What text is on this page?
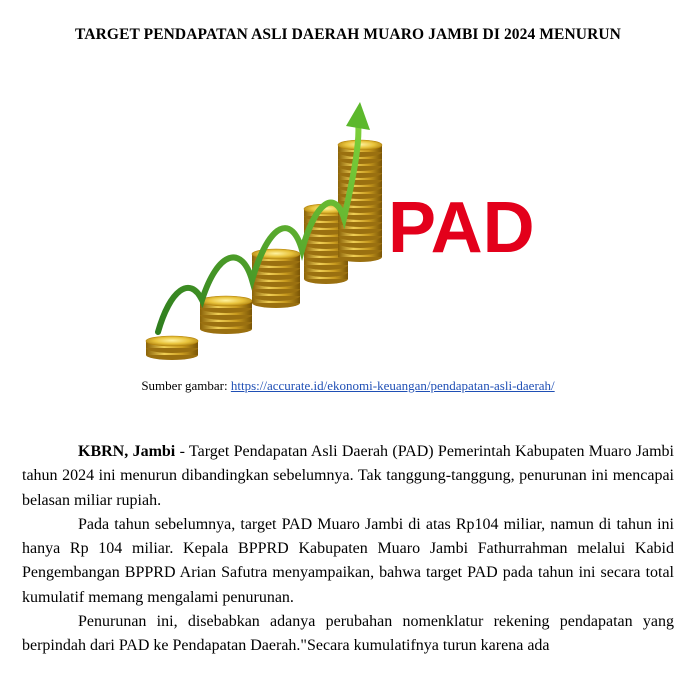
TARGET PENDAPATAN ASLI DAERAH MUARO JAMBI DI 2024 MENURUN
PAD
Sumber gambar: https://accurate.id/ekonomi-keuangan/pendapatan-asli-daerah/

KBRN, Jambi - Target Pendapatan Asli Daerah (PAD) Pemerintah Kabupaten Muaro Jambi tahun 2024 ini menurun dibandingkan sebelumnya. Tak tanggung-tanggung, penurunan ini mencapai belasan miliar rupiah.

Pada tahun sebelumnya, target PAD Muaro Jambi di atas Rp104 miliar, namun di tahun ini hanya Rp 104 miliar. Kepala BPPRD Kabupaten Muaro Jambi Fathurrahman melalui Kabid Pengembangan BPPRD Arian Safutra menyampaikan, bahwa target PAD pada tahun ini secara total kumulatif memang mengalami penurunan.

Penurunan ini, disebabkan adanya perubahan nomenklatur rekening pendapatan yang berpindah dari PAD ke Pendapatan Daerah."Secara kumulatifnya turun karena ada
